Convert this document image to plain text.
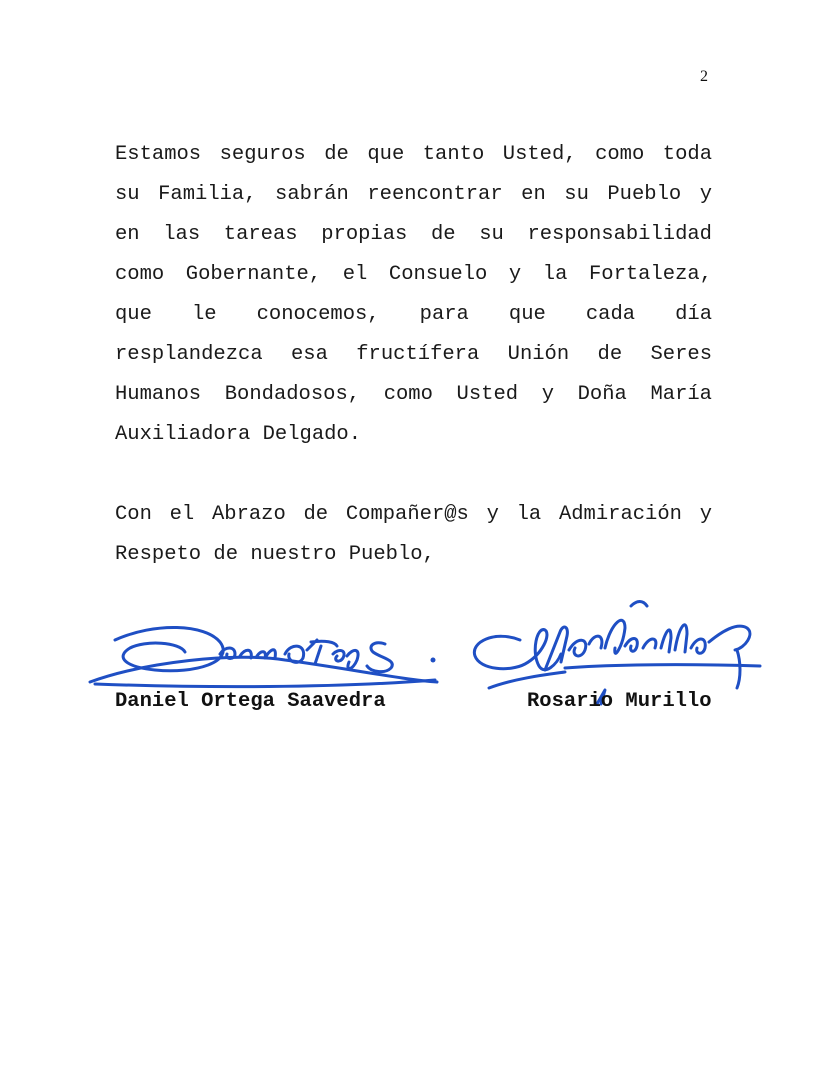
2

Estamos seguros de que tanto Usted, como toda
su Familia, sabrán reencontrar en su Pueblo y
en las tareas propias de su responsabilidad
como Gobernante, el Consuelo y la Fortaleza,
que le conocemos, para que cada día
resplandezca esa fructífera Unión de Seres
Humanos Bondadosos, como Usted y Doña María
Auxiliadora Delgado.

Con el Abrazo de Compañer@s y la Admiración y
Respeto de nuestro Pueblo,

Daniel Ortega Saavedra	Rosario Murillo
